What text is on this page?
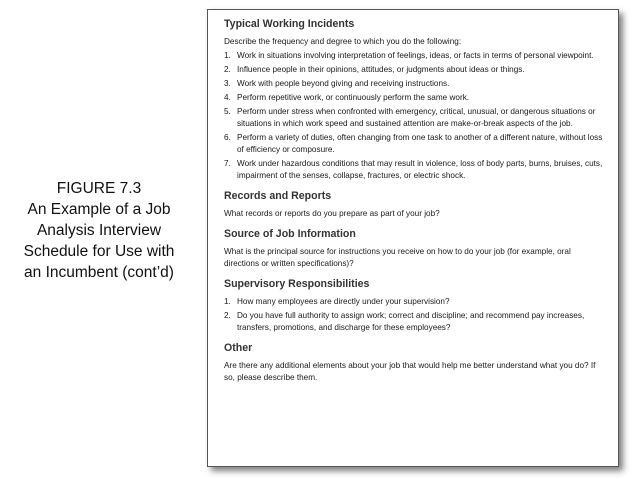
FIGURE 7.3
An Example of a Job
Analysis Interview
Schedule for Use with
an Incumbent (cont’d)
Typical Working Incidents
Describe the frequency and degree to which you do the following:
1. Work in situations involving interpretation of feelings, ideas, or facts in terms of personal viewpoint.
2. Influence people in their opinions, attitudes, or judgments about ideas or things.
3. Work with people beyond giving and receiving instructions.
4. Perform repetitive work, or continuously perform the same work.
5. Perform under stress when confronted with emergency, critical, unusual, or dangerous situations or situations in which work speed and sustained attention are make-or-break aspects of the job.
6. Perform a variety of duties, often changing from one task to another of a different nature, without loss of efficiency or composure.
7. Work under hazardous conditions that may result in violence, loss of body parts, burns, bruises, cuts, impairment of the senses, collapse, fractures, or electric shock.
Records and Reports
What records or reports do you prepare as part of your job?
Source of Job Information
What is the principal source for instructions you receive on how to do your job (for example, oral directions or written specifications)?
Supervisory Responsibilities
1. How many employees are directly under your supervision?
2. Do you have full authority to assign work; correct and discipline; and recommend pay increases, transfers, promotions, and discharge for these employees?
Other
Are there any additional elements about your job that would help me better understand what you do? If so, please describe them.
